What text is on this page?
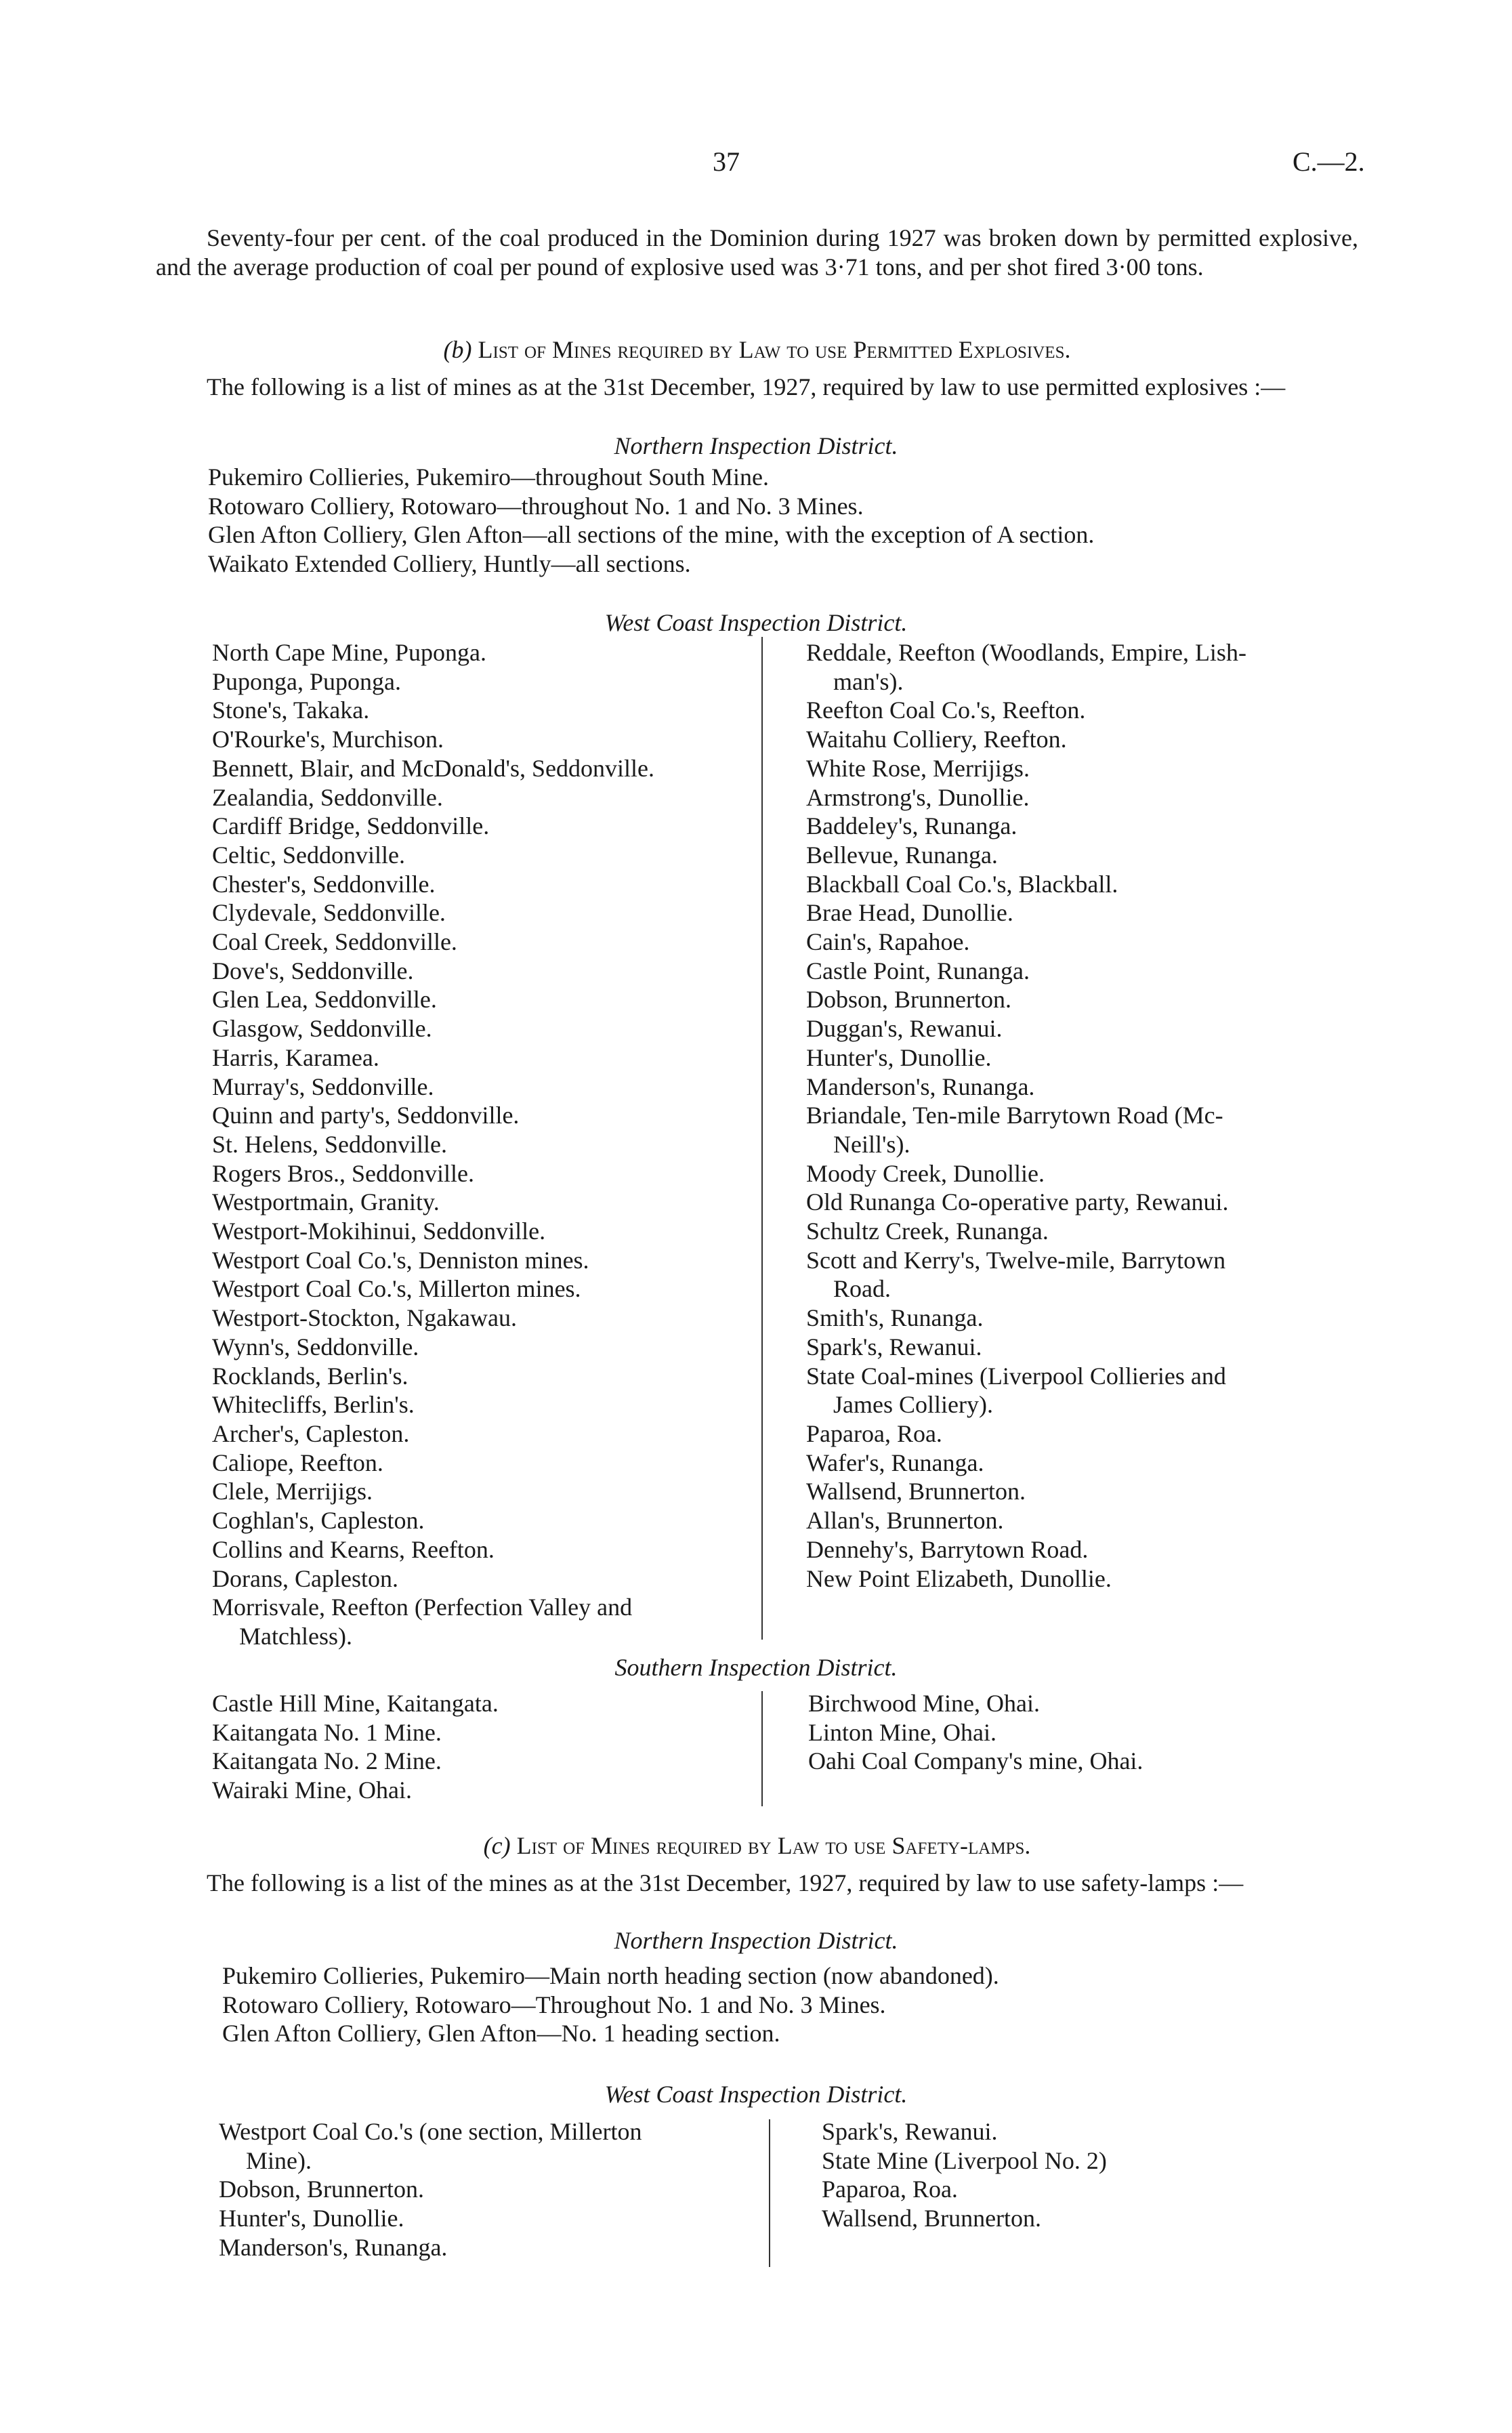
37	C.—2.
Seventy-four per cent. of the coal produced in the Dominion during 1927 was broken down by permitted explosive, and the average production of coal per pound of explosive used was 3·71 tons, and per shot fired 3·00 tons.
(b) List of Mines required by Law to use Permitted Explosives.
The following is a list of mines as at the 31st December, 1927, required by law to use permitted explosives :—
Northern Inspection District.
Pukemiro Collieries, Pukemiro—throughout South Mine.
Rotowaro Colliery, Rotowaro—throughout No. 1 and No. 3 Mines.
Glen Afton Colliery, Glen Afton—all sections of the mine, with the exception of A section.
Waikato Extended Colliery, Huntly—all sections.
West Coast Inspection District.
North Cape Mine, Puponga.
Puponga, Puponga.
Stone's, Takaka.
O'Rourke's, Murchison.
Bennett, Blair, and McDonald's, Seddonville.
Zealandia, Seddonville.
Cardiff Bridge, Seddonville.
Celtic, Seddonville.
Chester's, Seddonville.
Clydevale, Seddonville.
Coal Creek, Seddonville.
Dove's, Seddonville.
Glen Lea, Seddonville.
Glasgow, Seddonville.
Harris, Karamea.
Murray's, Seddonville.
Quinn and party's, Seddonville.
St. Helens, Seddonville.
Rogers Bros., Seddonville.
Westportmain, Granity.
Westport-Mokihinui, Seddonville.
Westport Coal Co.'s, Denniston mines.
Westport Coal Co.'s, Millerton mines.
Westport-Stockton, Ngakawau.
Wynn's, Seddonville.
Rocklands, Berlin's.
Whitecliffs, Berlin's.
Archer's, Capleston.
Caliope, Reefton.
Clele, Merrijigs.
Coghlan's, Capleston.
Collins and Kearns, Reefton.
Dorans, Capleston.
Morrisvale, Reefton (Perfection Valley and
Matchless).
Reddale, Reefton (Woodlands, Empire, Lish-
man's).
Reefton Coal Co.'s, Reefton.
Waitahu Colliery, Reefton.
White Rose, Merrijigs.
Armstrong's, Dunollie.
Baddeley's, Runanga.
Bellevue, Runanga.
Blackball Coal Co.'s, Blackball.
Brae Head, Dunollie.
Cain's, Rapahoe.
Castle Point, Runanga.
Dobson, Brunnerton.
Duggan's, Rewanui.
Hunter's, Dunollie.
Manderson's, Runanga.
Briandale, Ten-mile Barrytown Road (Mc-
Neill's).
Moody Creek, Dunollie.
Old Runanga Co-operative party, Rewanui.
Schultz Creek, Runanga.
Scott and Kerry's, Twelve-mile, Barrytown
Road.
Smith's, Runanga.
Spark's, Rewanui.
State Coal-mines (Liverpool Collieries and
James Colliery).
Paparoa, Roa.
Wafer's, Runanga.
Wallsend, Brunnerton.
Allan's, Brunnerton.
Dennehy's, Barrytown Road.
New Point Elizabeth, Dunollie.
Southern Inspection District.
Castle Hill Mine, Kaitangata.
Kaitangata No. 1 Mine.
Kaitangata No. 2 Mine.
Wairaki Mine, Ohai.
Birchwood Mine, Ohai.
Linton Mine, Ohai.
Oahi Coal Company's mine, Ohai.
(c) List of Mines required by Law to use Safety-lamps.
The following is a list of the mines as at the 31st December, 1927, required by law to use safety-lamps :—
Northern Inspection District.
Pukemiro Collieries, Pukemiro—Main north heading section (now abandoned).
Rotowaro Colliery, Rotowaro—Throughout No. 1 and No. 3 Mines.
Glen Afton Colliery, Glen Afton—No. 1 heading section.
West Coast Inspection District.
Westport Coal Co.'s (one section, Millerton
Mine).
Dobson, Brunnerton.
Hunter's, Dunollie.
Manderson's, Runanga.
Spark's, Rewanui.
State Mine (Liverpool No. 2)
Paparoa, Roa.
Wallsend, Brunnerton.
